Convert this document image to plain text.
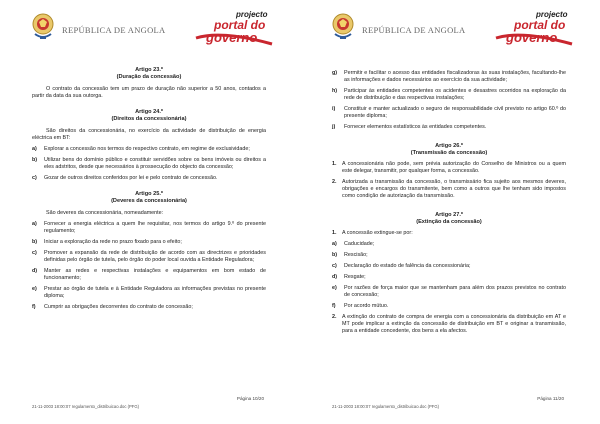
REPÚBLICA DE ANGOLA
projecto
portal do
governo
Artigo 23.º
(Duração da concessão)
O contrato da concessão tem um prazo de duração não superior a 50 anos, contados a partir da data da sua outorga.
Artigo 24.º
(Direitos da concessionária)
São direitos da concessionária, no exercício da actividade de distribuição de energia eléctrica em BT:
a)	Explorar a concessão nos termos do respectivo contrato, em regime de exclusividade;
b)	Utilizar bens do domínio público e constituir servidões sobre os bens imóveis ou direitos a eles adstritos, desde que necessários à prossecução do objecto da concessão;
c)	Gozar de outros direitos conferidos por lei e pelo contrato de concessão.
Artigo 25.º
(Deveres da concessionária)
São deveres da concessionária, nomeadamente:
a)	Fornecer a energia eléctrica a quem lhe requisitar, nos termos do artigo 9.º do presente regulamento;
b)	Iniciar a exploração da rede no prazo fixado para o efeito;
c)	Promover a expansão da rede de distribuição de acordo com as directrizes e prioridades definidas pelo órgão de tutela, pelo órgão do poder local ouvida a Entidade Reguladora;
d)	Manter as redes e respectivas instalações e equipamentos em bom estado de funcionamento;
e)	Prestar ao órgão de tutela e à Entidade Reguladora as informações previstas no presente diploma;
f)	Cumprir as obrigações decorrentes do contrato de concessão;
Página 10/20
21-11-2003 18:00:07 regulamento_distribuicao.doc (PFG)
REPÚBLICA DE ANGOLA
projecto
portal do
governo
g)	Permitir e facilitar o acesso das entidades fiscalizadoras às suas instalações, facultando-lhe as informações e dados necessários ao exercício da sua actividade;
h)	Participar às entidades competentes os acidentes e desastres ocorridos na exploração da rede de distribuição e das respectivas instalações;
i)	Constituir e manter actualizado o seguro de responsabilidade civil previsto no artigo 60.º do presente diploma;
j)	Fornecer elementos estatísticos às entidades competentes.
Artigo 26.º
(Transmissão da concessão)
1.	A concessionária não pode, sem prévia autorização do Conselho de Ministros ou a quem este delegar, transmitir, por qualquer forma, a concessão.
2.	Autorizada a transmissão da concessão, o transmissário fica sujeito aos mesmos deveres, obrigações e encargos do transmitente, bem como a outros que lhe tenham sido impostos como condição de autorização da transmissão.
Artigo 27.º
(Extinção da concessão)
1.	A concessão extingue-se por:
a)	Caducidade;
b)	Rescisão;
c)	Declaração do estado de falência da concessionária;
d)	Resgate;
e)	Por razões de força maior que se mantenham para além dos prazos previstos no contrato de concessão;
f)	Por acordo mútuo.
2.	A extinção do contrato de compra de energia com a concessionária da distribuição em AT e MT pode implicar a extinção da concessão de distribuição em BT e originar a transmissão, para a entidade concedente, dos bens a ela afectos.
Página 11/20
21-11-2003 18:00:07 regulamento_distribuicao.doc (PFG)
